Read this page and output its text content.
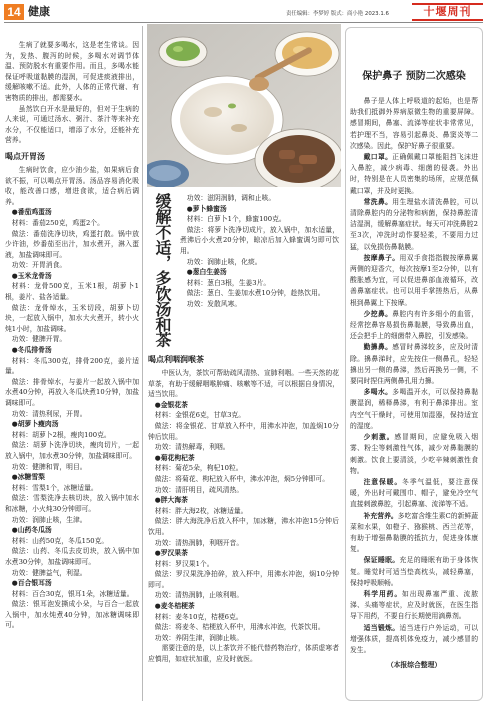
14 健康	责任编辑：李梦婷 版式：商小艳 2023.1.6	十堰周刊
生病了就要多喝水，这是老生常谈。因为，发热、腹泻的时候，多喝水对调节体温、预防脱水有重要作用。而且，多喝水能保证呼吸道黏膜的湿润，可促进痰液排出，缓解咳嗽不适。此外，人体的正常代谢、有害物质的排出，都需要水。
虽然饮白开水是最好的，但对于生病的人来说，可通过汤水、粥汁、茶汁等来补充水分，不仅能适口，增添了水分，还能补充营养。
喝点开胃汤
生病时饮食，应少油少盐，如果病后食欲不振，可以喝点开胃汤。汤品容易消化吸收，能改善口感，增进食欲，适合病后调养。
●番茄鸡蛋汤
材料：番茄250克，鸡蛋2个。
做法：番茄洗净切块，鸡蛋打散。锅中放少许油，炒番茄至出汁，加水煮开，淋入蛋液，加盐调味即可。
功效：开胃消食。
●玉米龙骨汤
材料：龙骨500克，玉米1根，胡萝卜1根，姜片、盐各适量。
做法：龙骨焯水，玉米切段，胡萝卜切块，一起放入锅中，加水大火煮开，转小火炖1小时，加盐调味。
功效：健脾开胃。
●冬瓜排骨汤
材料：冬瓜300克，排骨200克，姜片适量。
做法：排骨焯水，与姜片一起放入锅中加水煮40分钟，再放入冬瓜块煮10分钟，加盐调味即可。
功效：清热利尿，开胃。
●胡萝卜瘦肉汤
材料：胡萝卜2根，瘦肉100克。
做法：胡萝卜洗净切块，瘦肉切片，一起放入锅中，加水煮30分钟，加盐调味即可。
功效：健脾和胃，明目。
●冰糖雪梨
材料：雪梨1个，冰糖适量。
做法：雪梨洗净去核切块，放入锅中加水和冰糖，小火炖30分钟即可。
功效：润肺止咳，生津。
●山药冬瓜汤
材料：山药50克，冬瓜150克。
做法：山药、冬瓜去皮切块，放入锅中加水煮30分钟，加盐调味即可。
功效：健脾益气，利湿。
●百合银耳汤
材料：百合30克，银耳1朵，冰糖适量。
做法：银耳泡发撕成小朵，与百合一起放入锅中，加水炖煮40分钟，加冰糖调味即可。
缓解不适，多饮汤和茶	功效：滋阴润肺，调和止咳。
●萝卜蜂蜜汤
材料：白萝卜1个，蜂蜜100克。
做法：将萝卜洗净切成片，放入锅中，加水适量，煮沸后小火煮20分钟，晾凉后加入蜂蜜调匀即可饮用。
功效：润肺止咳，化痰。
●葱白生姜汤
材料：葱白3根，生姜3片。
做法：葱白、生姜加水煮10分钟，趁热饮用。
功效：发散风寒。
喝点利咽润喉茶
中医认为，茶饮可帮助疏风清热、宣肺利咽。一些天然的花草茶，有助于缓解咽喉肿痛、咳嗽等不适，可以根据自身情况，适当饮用。
●金银花茶
材料：金银花6克，甘草3克。
做法：将金银花、甘草放入杯中，用沸水冲泡，加盖焖10分钟后饮用。
功效：清热解毒，利咽。
●菊花枸杞茶
材料：菊花5朵，枸杞10粒。
做法：将菊花、枸杞放入杯中，沸水冲泡，焖5分钟即可。
功效：清肝明目，疏风清热。
●胖大海茶
材料：胖大海2枚，冰糖适量。
做法：胖大海洗净后放入杯中，加冰糖，沸水冲泡15分钟后饮用。
功效：清热润肺，利咽开音。
●罗汉果茶
材料：罗汉果1个。
做法：罗汉果洗净拍碎，放入杯中，用沸水冲泡，焖10分钟即可。
功效：清热润肺，止咳利咽。
●麦冬桔梗茶
材料：麦冬10克，桔梗6克。
做法：将麦冬、桔梗放入杯中，用沸水冲泡，代茶饮用。
功效：养阴生津，润肺止咳。
需要注意的是，以上茶饮并不能代替药物治疗，体质虚寒者应慎用，如症状加重，应及时就医。
保护鼻子 预防二次感染
鼻子是人体上呼吸道的起始，也是帮助我们抵御外界病原微生物的重要屏障。感冒期间，鼻塞、流涕等症状非常常见，若护理不当，容易引起鼻炎、鼻窦炎等二次感染。因此，保护好鼻子很重要。
戴口罩。正确佩戴口罩能阻挡飞沫进入鼻腔，减少病毒、细菌的侵袭。外出时，特别是在人员密集的场所，应规范佩戴口罩，并及时更换。
常洗鼻。用生理盐水清洗鼻腔，可以清除鼻腔内的分泌物和病菌，保持鼻腔清洁湿润，缓解鼻塞症状。每天可冲洗鼻腔2至3次，冲洗时动作要轻柔，不要用力过猛，以免损伤鼻黏膜。
按摩鼻子。用双手食指指腹按摩鼻翼两侧的迎香穴，每次按摩1至2分钟，以有酸胀感为宜，可以促进鼻部血液循环，改善鼻塞症状。也可以用手掌搓热后，从鼻根到鼻翼上下按摩。
少挖鼻。鼻腔内有许多细小的血管，经常挖鼻容易损伤鼻黏膜，导致鼻出血，还会把手上的细菌带入鼻腔，引发感染。
勤擤鼻。感冒时鼻涕较多，应及时清除。擤鼻涕时，应先按住一侧鼻孔，轻轻擤出另一侧的鼻涕，然后再换另一侧，不要同时捏住两侧鼻孔用力擤。
多喝水。多喝温开水，可以保持鼻黏膜湿润，稀释鼻涕，有利于鼻涕排出。室内空气干燥时，可使用加湿器，保持适宜的湿度。
少刺激。感冒期间，应避免吸入烟雾、粉尘等刺激性气体，减少对鼻黏膜的刺激。饮食上要清淡，少吃辛辣刺激性食物。
注意保暖。冬季气温低，要注意保暖，外出时可戴围巾、帽子，避免冷空气直接刺激鼻腔，引起鼻塞、流涕等不适。
补充营养。多吃富含维生素C的新鲜蔬菜和水果，如橙子、猕猴桃、西兰花等，有助于增强鼻黏膜的抵抗力，促进身体康复。
保证睡眠。充足的睡眠有助于身体恢复。睡觉时可适当垫高枕头，减轻鼻塞，保持呼吸顺畅。
科学用药。如出现鼻塞严重、流脓涕、头痛等症状，应及时就医，在医生指导下用药，不要自行长期使用滴鼻剂。
适当锻炼。适当进行户外运动，可以增强体质，提高机体免疫力，减少感冒的发生。
（本报综合整理）
